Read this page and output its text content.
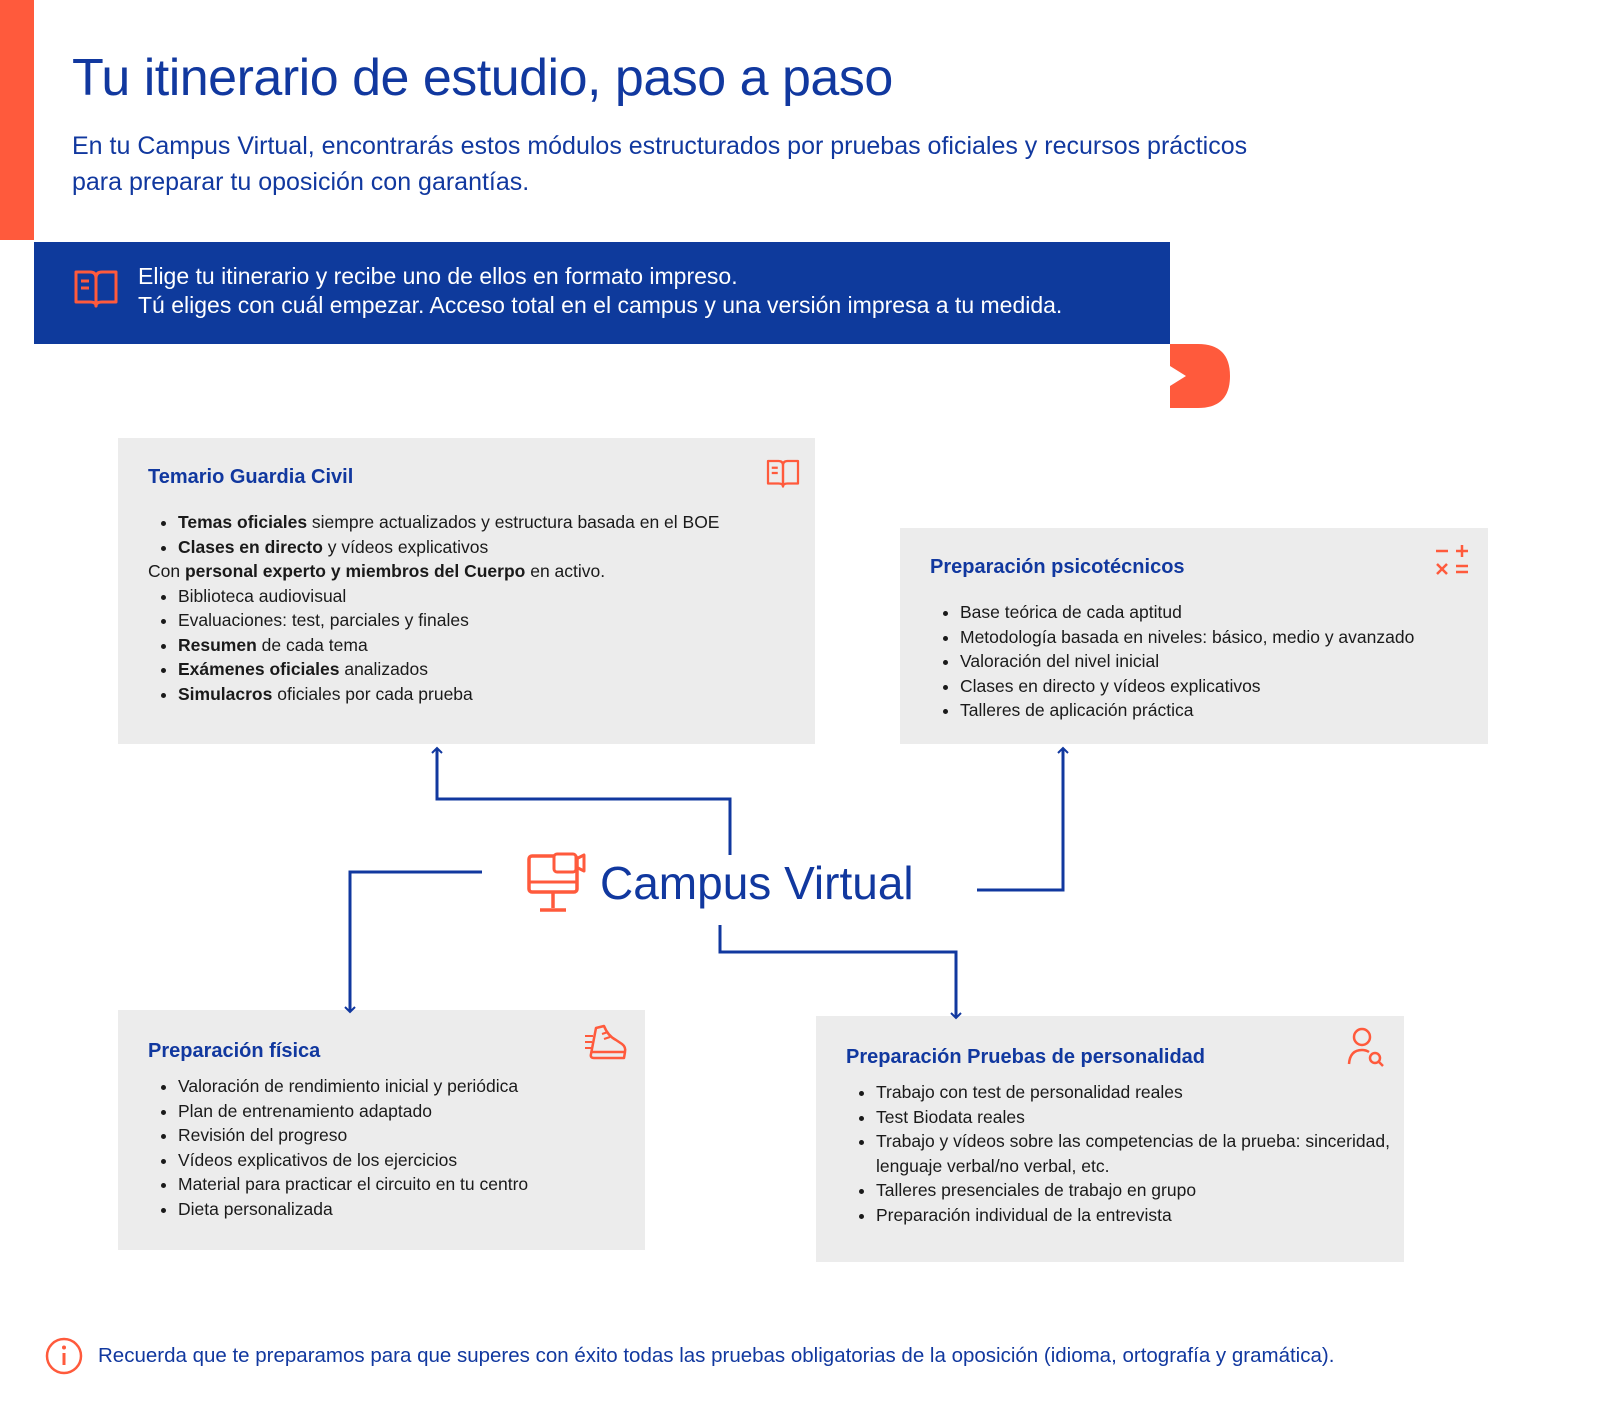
Tu itinerario de estudio, paso a paso

En tu Campus Virtual, encontrarás estos módulos estructurados por pruebas oficiales y recursos prácticos
para preparar tu oposición con garantías.

Elige tu itinerario y recibe uno de ellos en formato impreso.
Tú eliges con cuál empezar. Acceso total en el campus y una versión impresa a tu medida.
Temario Guardia Civil
• Temas oficiales siempre actualizados y estructura basada en el BOE
• Clases en directo y vídeos explicativos

Con personal experto y miembros del Cuerpo en activo.

• Biblioteca audiovisual
• Evaluaciones: test, parciales y finales
• Resumen de cada tema
• Exámenes oficiales analizados
• Simulacros oficiales por cada prueba
Preparación psicotécnicos
• Base teórica de cada aptitud
• Metodología basada en niveles: básico, medio y avanzado
• Valoración del nivel inicial
• Clases en directo y vídeos explicativos
• Talleres de aplicación práctica
Preparación física
• Valoración de rendimiento inicial y periódica
• Plan de entrenamiento adaptado
• Revisión del progreso
• Vídeos explicativos de los ejercicios
• Material para practicar el circuito en tu centro
• Dieta personalizada
Preparación Pruebas de personalidad
• Trabajo con test de personalidad reales
• Test Biodata reales
• Trabajo y vídeos sobre las competencias de la prueba: sinceridad, lenguaje verbal/no verbal, etc.
• Talleres presenciales de trabajo en grupo
• Preparación individual de la entrevista
Campus Virtual

Recuerda que te preparamos para que superes con éxito todas las pruebas obligatorias de la oposición (idioma, ortografía y gramática).
